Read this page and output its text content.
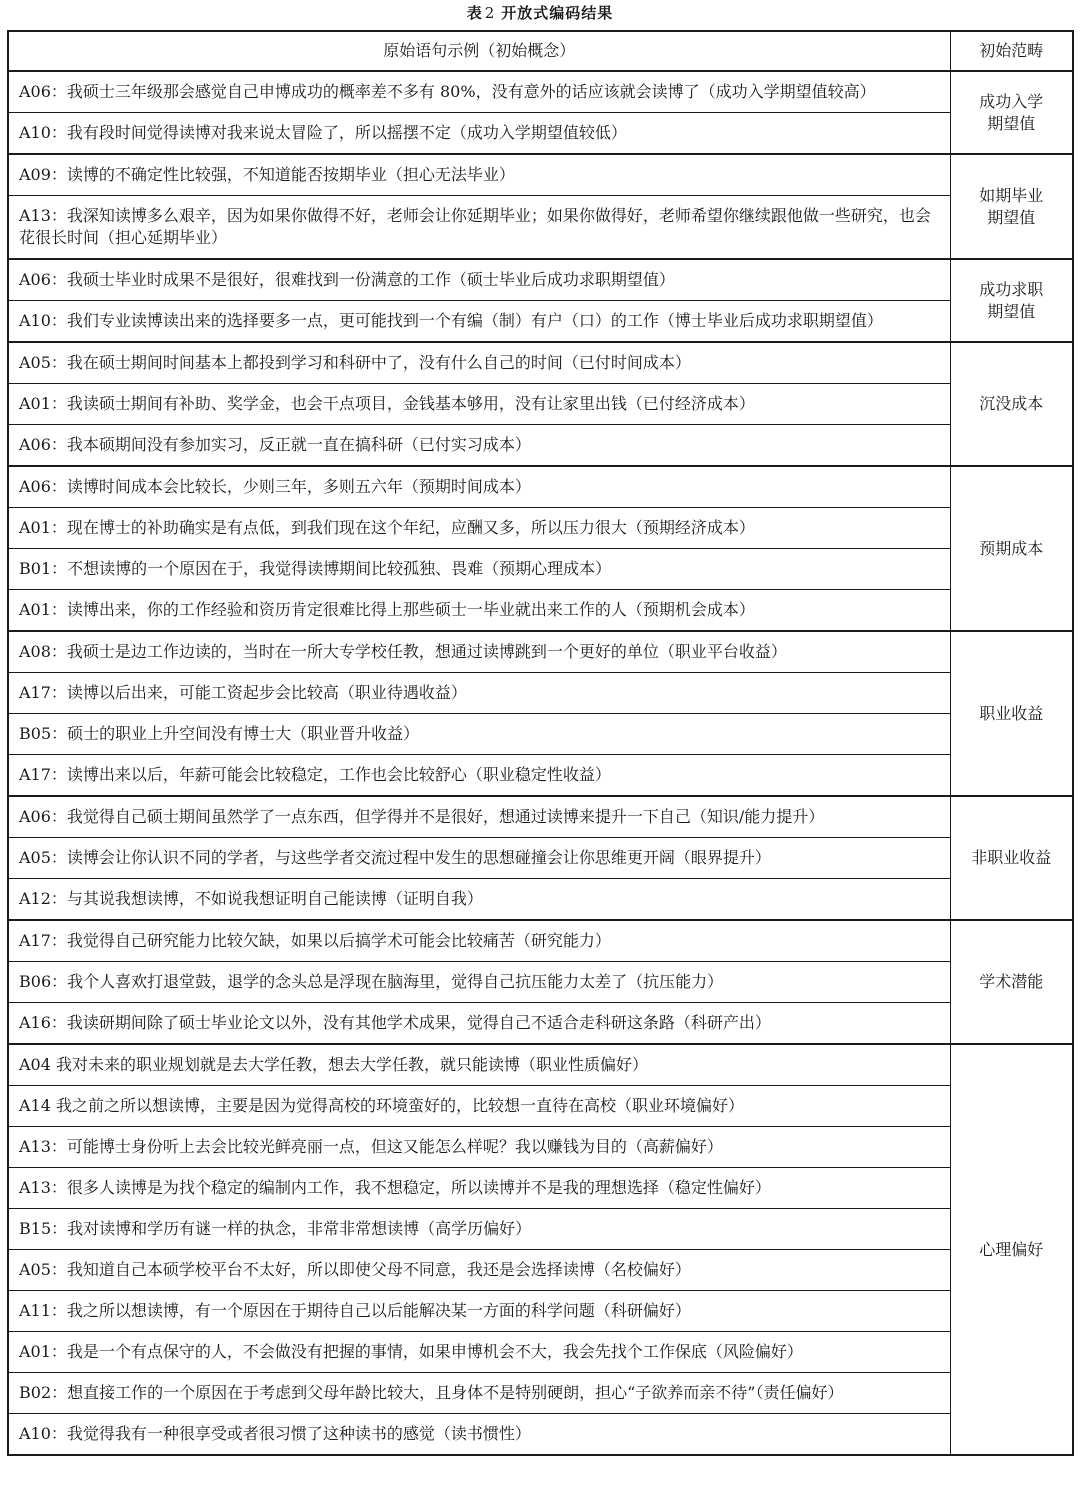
表 2 开放式编码结果
原始语句示例（初始概念）	初始范畴
A06：我硕士三年级那会感觉自己申博成功的概率差不多有 80%，没有意外的话应该就会读博了（成功入学期望值较高）	成功入学
期望值
A10：我有段时间觉得读博对我来说太冒险了，所以摇摆不定（成功入学期望值较低）	
A09：读博的不确定性比较强，不知道能否按期毕业（担心无法毕业）	如期毕业
期望值
A13：我深知读博多么艰辛，因为如果你做得不好，老师会让你延期毕业；如果你做得好，老师希望你继续跟他做一些研究，也会花很长时间（担心延期毕业）	
A06：我硕士毕业时成果不是很好，很难找到一份满意的工作（硕士毕业后成功求职期望值）	成功求职
期望值
A10：我们专业读博读出来的选择要多一点，更可能找到一个有编（制）有户（口）的工作（博士毕业后成功求职期望值）	
A05：我在硕士期间时间基本上都投到学习和科研中了，没有什么自己的时间（已付时间成本）	沉没成本
A01：我读硕士期间有补助、奖学金，也会干点项目，金钱基本够用，没有让家里出钱（已付经济成本）	
A06：我本硕期间没有参加实习，反正就一直在搞科研（已付实习成本）	
A06：读博时间成本会比较长，少则三年，多则五六年（预期时间成本）	预期成本
A01：现在博士的补助确实是有点低，到我们现在这个年纪，应酬又多，所以压力很大（预期经济成本）	
B01：不想读博的一个原因在于，我觉得读博期间比较孤独、畏难（预期心理成本）	
A01：读博出来，你的工作经验和资历肯定很难比得上那些硕士一毕业就出来工作的人（预期机会成本）	
A08：我硕士是边工作边读的，当时在一所大专学校任教，想通过读博跳到一个更好的单位（职业平台收益）	职业收益
A17：读博以后出来，可能工资起步会比较高（职业待遇收益）	
B05：硕士的职业上升空间没有博士大（职业晋升收益）	
A17：读博出来以后，年薪可能会比较稳定，工作也会比较舒心（职业稳定性收益）	
A06：我觉得自己硕士期间虽然学了一点东西，但学得并不是很好，想通过读博来提升一下自己（知识/能力提升）	非职业收益
A05：读博会让你认识不同的学者，与这些学者交流过程中发生的思想碰撞会让你思维更开阔（眼界提升）	
A12：与其说我想读博，不如说我想证明自己能读博（证明自我）	
A17：我觉得自己研究能力比较欠缺，如果以后搞学术可能会比较痛苦（研究能力）	学术潜能
B06：我个人喜欢打退堂鼓，退学的念头总是浮现在脑海里，觉得自己抗压能力太差了（抗压能力）	
A16：我读研期间除了硕士毕业论文以外，没有其他学术成果，觉得自己不适合走科研这条路（科研产出）	
A04 我对未来的职业规划就是去大学任教，想去大学任教，就只能读博（职业性质偏好）	心理偏好
A14 我之前之所以想读博，主要是因为觉得高校的环境蛮好的，比较想一直待在高校（职业环境偏好）	
A13：可能博士身份听上去会比较光鲜亮丽一点，但这又能怎么样呢？我以赚钱为目的（高薪偏好）	
A13：很多人读博是为找个稳定的编制内工作，我不想稳定，所以读博并不是我的理想选择（稳定性偏好）	
B15：我对读博和学历有谜一样的执念，非常非常想读博（高学历偏好）	
A05：我知道自己本硕学校平台不太好，所以即使父母不同意，我还是会选择读博（名校偏好）	
A11：我之所以想读博，有一个原因在于期待自己以后能解决某一方面的科学问题（科研偏好）	
A01：我是一个有点保守的人，不会做没有把握的事情，如果申博机会不大，我会先找个工作保底（风险偏好）	
B02：想直接工作的一个原因在于考虑到父母年龄比较大，且身体不是特别硬朗，担心“子欲养而亲不待”（责任偏好）	
A10：我觉得我有一种很享受或者很习惯了这种读书的感觉（读书惯性）	
